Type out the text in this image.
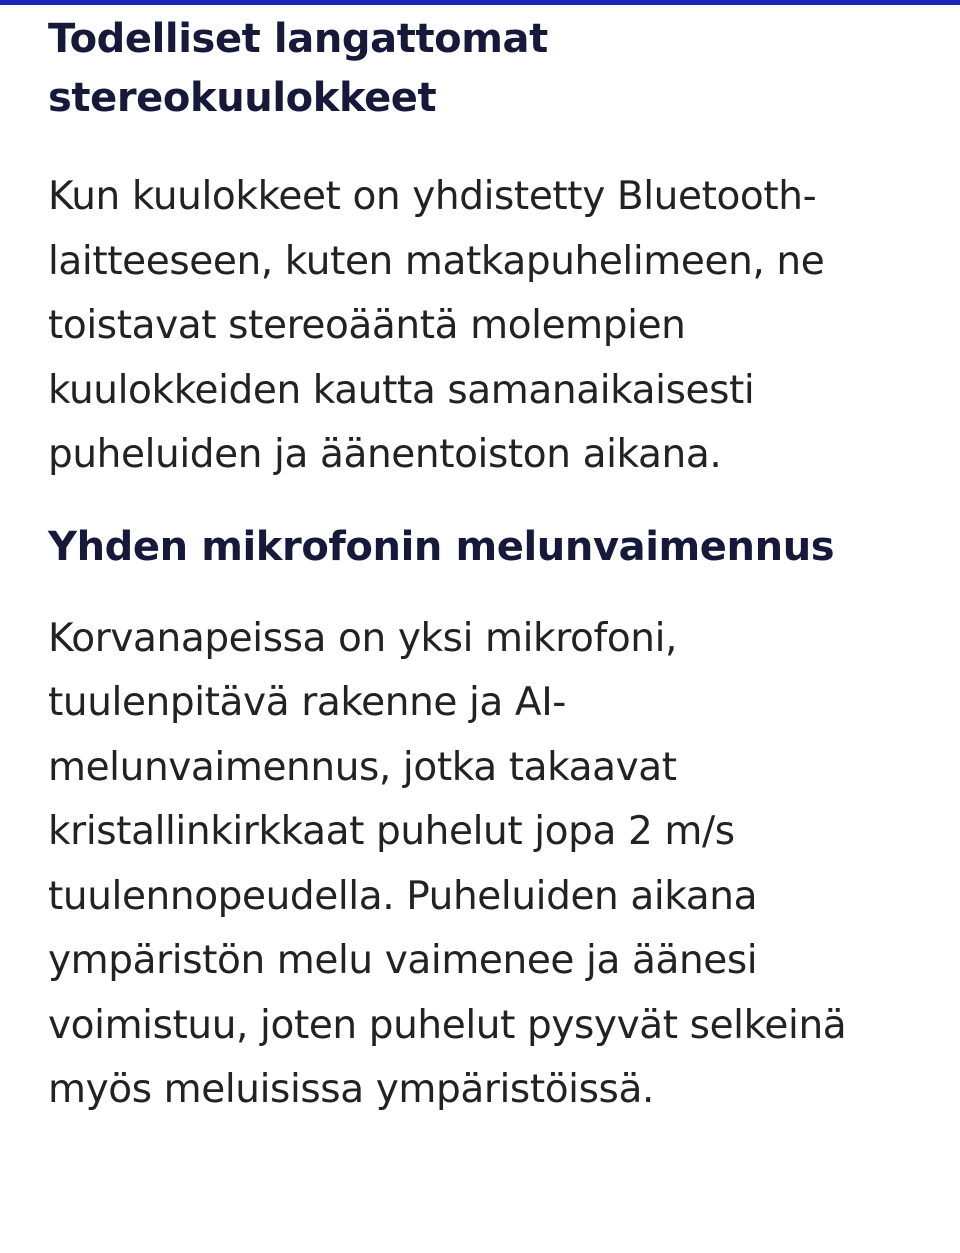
Todelliset langattomat stereokuulokkeet

Kun kuulokkeet on yhdistetty Bluetooth-laitteeseen, kuten matkapuhelimeen, ne toistavat stereoääntä molempien kuulokkeiden kautta samanaikaisesti puheluiden ja äänentoiston aikana.

Yhden mikrofonin melunvaimennus

Korvanapeissa on yksi mikrofoni, tuulenpitävä rakenne ja AI-melunvaimennus, jotka takaavat kristallinkirkkaat puhelut jopa 2 m/s tuulennopeudella. Puheluiden aikana ympäristön melu vaimenee ja äänesi voimistuu, joten puhelut pysyvät selkeinä myös meluisissa ympäristöissä.
